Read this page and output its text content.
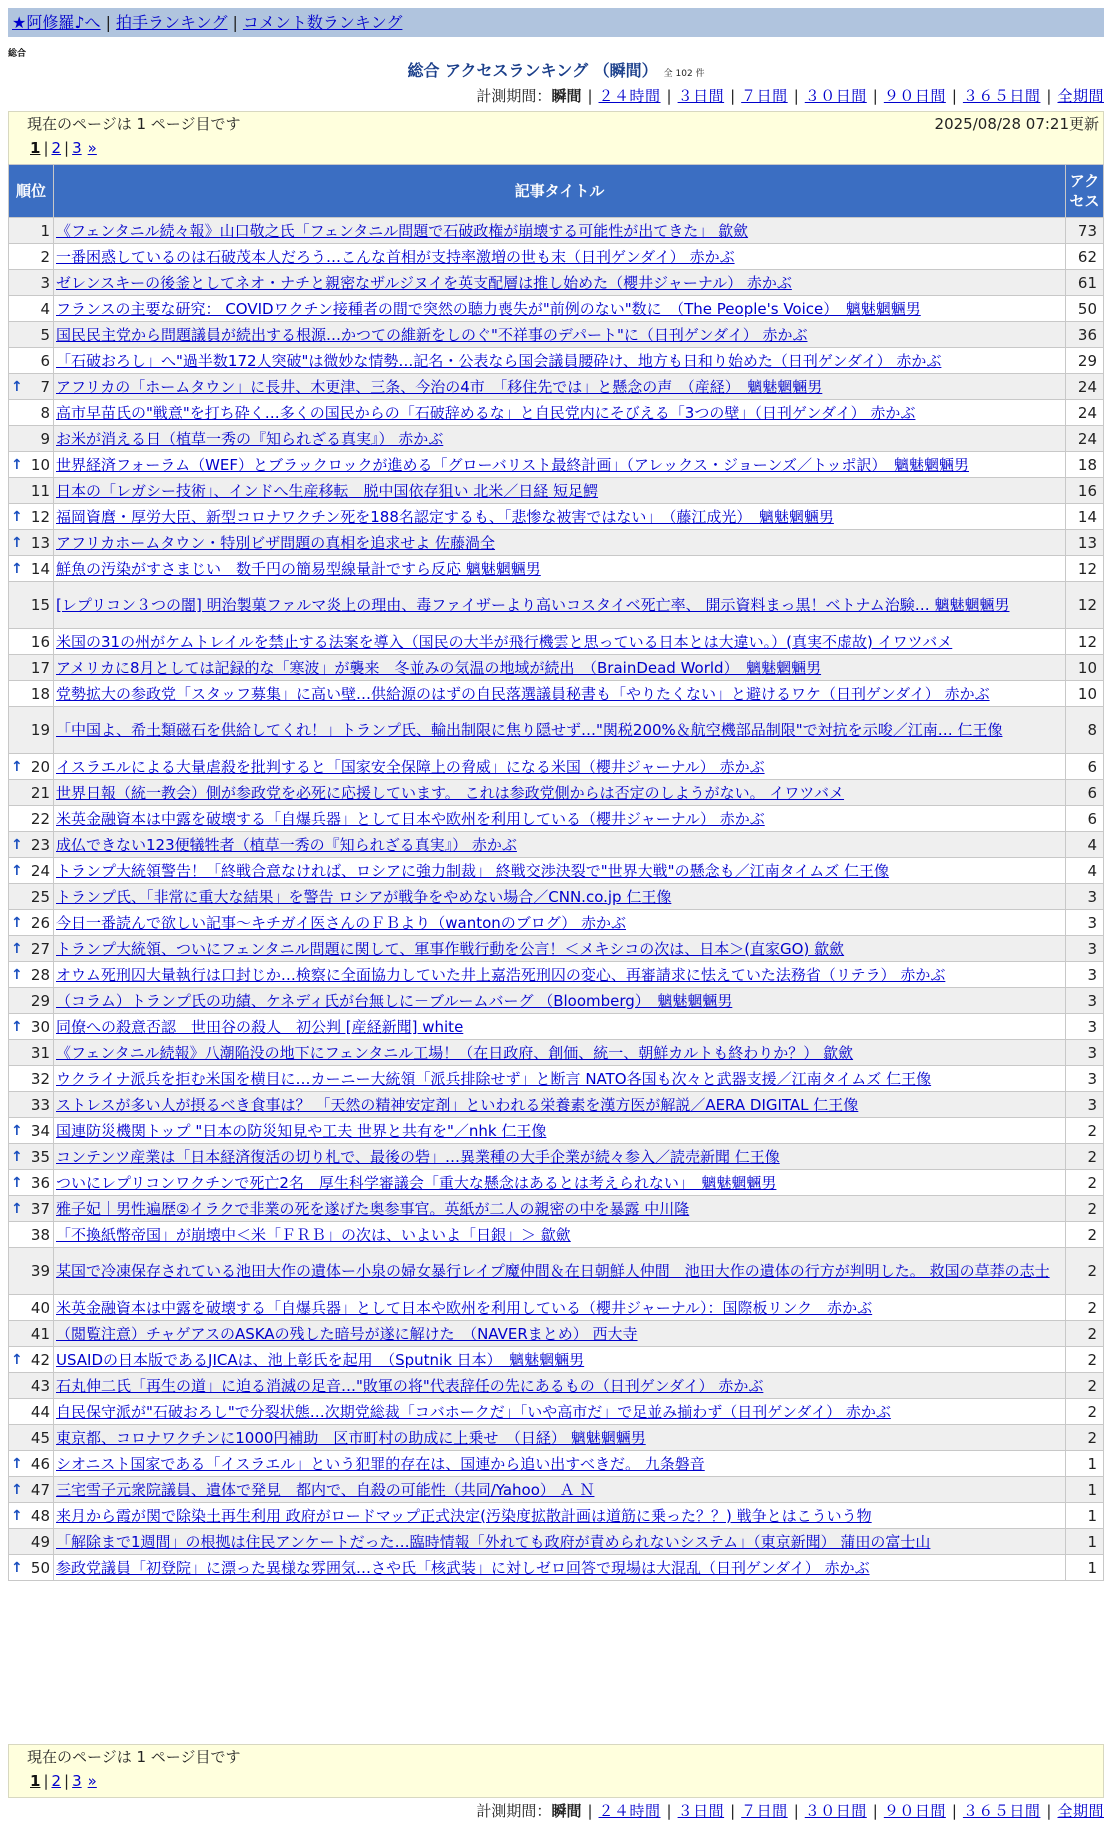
★阿修羅♪へ | 拍手ランキング | コメント数ランキング
総合
総合 アクセスランキング （瞬間） 全 102 件
計測期間：瞬間 | ２４時間 | ３日間 | ７日間 | ３０日間 | ９０日間 | ３６５日間 | 全期間
現在のページは 1 ページ目です	2025/08/28 07:21更新
1 | 2 | 3 »
順位	記事タイトル	アクセス
1	《フェンタニル続々報》山口敬之氏「フェンタニル問題で石破政権が崩壊する可能性が出てきた」 歙歛	73
2	一番困惑しているのは石破茂本人だろう…こんな首相が支持率激増の世も末（日刊ゲンダイ） 赤かぶ	62
3	ゼレンスキーの後釜としてネオ・ナチと親密なザルジヌイを英支配層は推し始めた（櫻井ジャーナル） 赤かぶ	61
4	フランスの主要な研究： COVIDワクチン接種者の間で突然の聴力喪失が"前例のない"数に　（The People's Voice）　魑魅魍魎男	50
5	国民民主党から問題議員が続出する根源…かつての維新をしのぐ"不祥事のデパート"に（日刊ゲンダイ） 赤かぶ	36
6	「石破おろし」へ"過半数172人突破"は微妙な情勢…記名・公表なら国会議員腰砕け、地方も日和り始めた（日刊ゲンダイ） 赤かぶ	29

↑ 7	アフリカの「ホームタウン」に長井、木更津、三条、今治の4市　「移住先では」と懸念の声　（産経）　魑魅魍魎男	24
8	高市早苗氏の"戦意"を打ち砕く…多くの国民からの「石破辞めるな」と自民党内にそびえる「3つの壁」（日刊ゲンダイ） 赤かぶ	24
9	お米が消える日（植草一秀の『知られざる真実』） 赤かぶ	24

↑ 10	世界経済フォーラム（WEF）とブラックロックが進める「グローバリスト最終計画」（アレックス・ジョーンズ／トッポ訳）　魑魅魍魎男	18
11	日本の「レガシー技術」、インドへ生産移転　脱中国依存狙い 北米／日経 短足鰐	16

↑ 12	福岡資麿・厚労大臣、新型コロナワクチン死を188名認定するも、「悲惨な被害ではない」　（藤江成光）　魑魅魍魎男	14

↑ 13	アフリカホームタウン・特別ビザ問題の真相を追求せよ 佐藤渦全	13

↑ 14	鮮魚の汚染がすさまじい　数千円の簡易型線量計ですら反応 魑魅魍魎男	12
15	[レプリコン３つの闇] 明治製菓ファルマ炎上の理由、毒ファイザーより高いコスタイベ死亡率、 開示資料まっ黒！ベトナム治験… 魑魅魍魎男	12
16	米国の31の州がケムトレイルを禁止する法案を導入（国民の大半が飛行機雲と思っている日本とは大違い。）(真実不虚故) イワツバメ	12
17	アメリカに8月としては記録的な「寒波」が襲来　冬並みの気温の地域が続出　（BrainDead World）　魑魅魍魎男	10
18	党勢拡大の参政党「スタッフ募集」に高い壁…供給源のはずの自民落選議員秘書も「やりたくない」と避けるワケ（日刊ゲンダイ） 赤かぶ	10
19	「中国よ、希土類磁石を供給してくれ！」トランプ氏、輸出制限に焦り隠せず…"関税200%＆航空機部品制限"で対抗を示唆／江南… 仁王像	8

↑ 20	イスラエルによる大量虐殺を批判すると「国家安全保障上の脅威」になる米国（櫻井ジャーナル） 赤かぶ	6
21	世界日報（統一教会）側が参政党を必死に応援しています。 これは参政党側からは否定のしようがない。 イワツバメ	6
22	米英金融資本は中露を破壊する「自爆兵器」として日本や欧州を利用している（櫻井ジャーナル） 赤かぶ	6

↑ 23	成仏できない123便犠牲者（植草一秀の『知られざる真実』） 赤かぶ	4

↑ 24	トランプ大統領警告！「終戦合意なければ、ロシアに強力制裁」 終戦交渉決裂で"世界大戦"の懸念も／江南タイムズ 仁王像	4
25	トランプ氏、「非常に重大な結果」を警告 ロシアが戦争をやめない場合／CNN.co.jp 仁王像	3

↑ 26	今日一番読んで欲しい記事～キチガイ医さんのＦＢより（wantonのブログ） 赤かぶ	3

↑ 27	トランプ大統領、ついにフェンタニル問題に関して、軍事作戦行動を公言！＜メキシコの次は、日本＞(直家GO) 歙歛	3

↑ 28	オウム死刑囚大量執行は口封じか…検察に全面協力していた井上嘉浩死刑囚の変心、再審請求に怯えていた法務省（リテラ） 赤かぶ	3
29	（コラム）トランプ氏の功績、ケネディ氏が台無しに－ブルームバーグ （Bloomberg）　魑魅魍魎男	3

↑ 30	同僚への殺意否認　世田谷の殺人　初公判 [産経新聞] white	3
31	《フェンタニル続報》八潮陥没の地下にフェンタニル工場！（在日政府、創価、統一、朝鮮カルトも終わりか？） 歙歛	3
32	ウクライナ派兵を拒む米国を横目に…カーニー大統領「派兵排除せず」と断言 NATO各国も次々と武器支援／江南タイムズ 仁王像	3
33	ストレスが多い人が摂るべき食事は？ 「天然の精神安定剤」といわれる栄養素を漢方医が解説／AERA DIGITAL 仁王像	3

↑ 34	国連防災機関トップ "日本の防災知見や工夫 世界と共有を"／nhk 仁王像	2

↑ 35	コンテンツ産業は「日本経済復活の切り札で、最後の砦」…異業種の大手企業が続々参入／読売新聞 仁王像	2

↑ 36	ついにレプリコンワクチンで死亡2名　厚生科学審議会「重大な懸念はあるとは考えられない」　魑魅魍魎男	2

↑ 37	雅子妃｜男性遍歴②イラクで非業の死を遂げた奥参事官。英紙が二人の親密の中を暴露 中川隆	2
38	「不換紙幣帝国」が崩壊中＜米「ＦＲＢ」の次は、いよいよ「日銀」＞ 歙歛	2
39	某国で冷凍保存されている池田大作の遺体ー小泉の婦女暴行レイプ魔仲間＆在日朝鮮人仲間　池田大作の遺体の行方が判明した。 救国の草莽の志士	2
40	米英金融資本は中露を破壊する「自爆兵器」として日本や欧州を利用している（櫻井ジャーナル）：国際板リンク　赤かぶ	2
41	（閲覧注意）チャゲアスのASKAの残した暗号が遂に解けた　（NAVERまとめ） 西大寺	2

↑ 42	USAIDの日本版であるJICAは、池上彰氏を起用　（Sputnik 日本）　魑魅魍魎男	2
43	石丸伸二氏「再生の道」に迫る消滅の足音…"敗軍の将"代表辞任の先にあるもの（日刊ゲンダイ） 赤かぶ	2
44	自民保守派が"石破おろし"で分裂状態…次期党総裁「コバホークだ」「いや高市だ」で足並み揃わず（日刊ゲンダイ） 赤かぶ	2
45	東京都、コロナワクチンに1000円補助　区市町村の助成に上乗せ　（日経） 魑魅魍魎男	2

↑ 46	シオニスト国家である「イスラエル」という犯罪的存在は、国連から追い出すべきだ。 九条磐音	1

↑ 47	三宅雪子元衆院議員、遺体で発見　都内で、自殺の可能性（共同/Yahoo） Ａ Ｎ	1

↑ 48	来月から霞が関で除染土再生利用 政府がロードマップ正式決定(汚染度拡散計画は道筋に乗った？？) 戦争とはこういう物	1
49	「解除まで1週間」の根拠は住民アンケートだった…臨時情報「外れても政府が責められないシステム」（東京新聞） 蒲田の富士山	1

↑ 50	参政党議員「初登院」に漂った異様な雰囲気…さや氏「核武装」に対しゼロ回答で現場は大混乱（日刊ゲンダイ） 赤かぶ	1
現在のページは 1 ページ目です
1 | 2 | 3 »
計測期間：瞬間 | ２４時間 | ３日間 | ７日間 | ３０日間 | ９０日間 | ３６５日間 | 全期間
